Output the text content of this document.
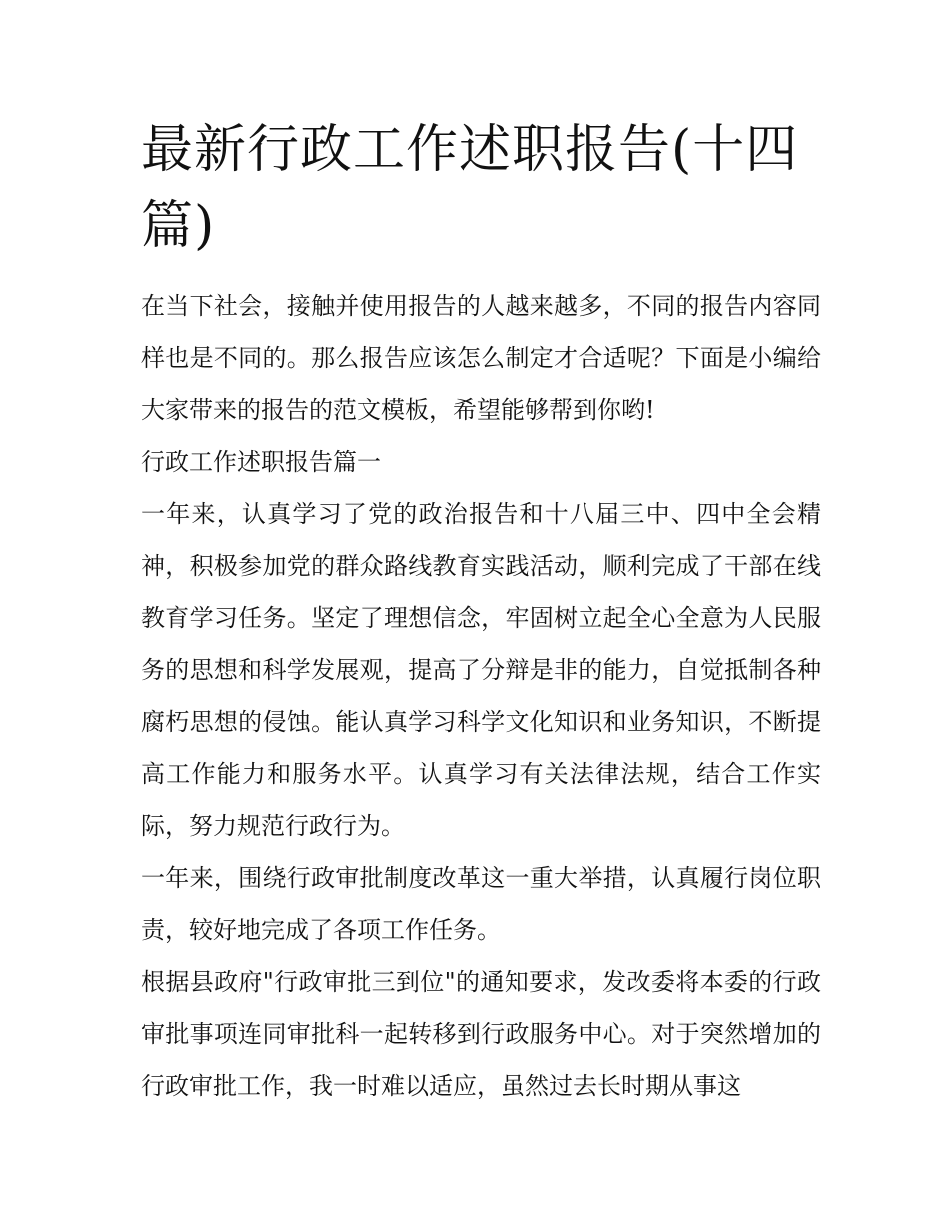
最新行政工作述职报告(十四篇)

在当下社会，接触并使用报告的人越来越多，不同的报告内容同样也是不同的。那么报告应该怎么制定才合适呢？下面是小编给大家带来的报告的范文模板，希望能够帮到你哟!

行政工作述职报告篇一

一年来，认真学习了党的政治报告和十八届三中、四中全会精神，积极参加党的群众路线教育实践活动，顺利完成了干部在线教育学习任务。坚定了理想信念，牢固树立起全心全意为人民服务的思想和科学发展观，提高了分辩是非的能力，自觉抵制各种腐朽思想的侵蚀。能认真学习科学文化知识和业务知识，不断提高工作能力和服务水平。认真学习有关法律法规，结合工作实际，努力规范行政行为。

一年来，围绕行政审批制度改革这一重大举措，认真履行岗位职责，较好地完成了各项工作任务。

根据县政府"行政审批三到位"的通知要求，发改委将本委的行政审批事项连同审批科一起转移到行政服务中心。对于突然增加的行政审批工作，我一时难以适应，虽然过去长时期从事这
